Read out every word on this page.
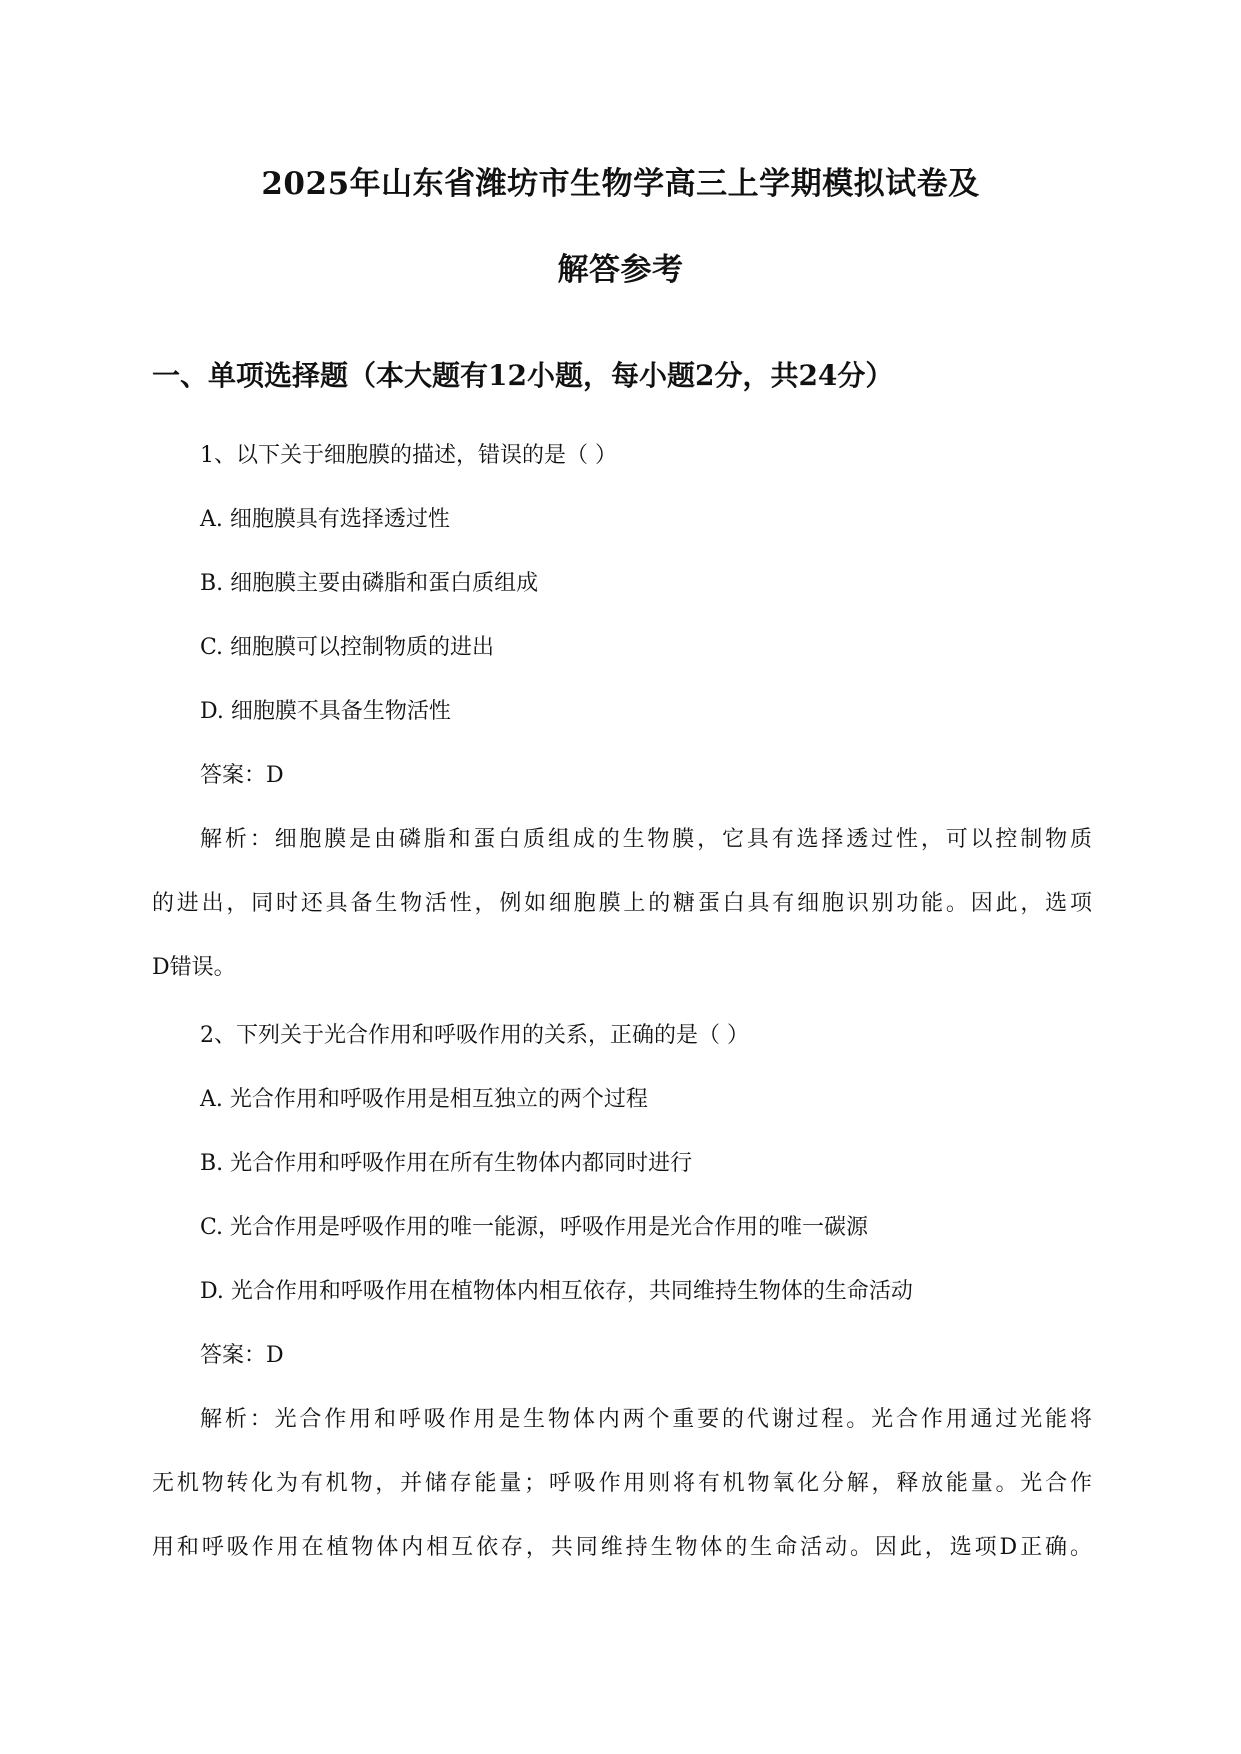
2025年山东省潍坊市生物学高三上学期模拟试卷及
解答参考
一、单项选择题（本大题有12小题，每小题2分，共24分）
1、以下关于细胞膜的描述，错误的是（ ）
A. 细胞膜具有选择透过性
B. 细胞膜主要由磷脂和蛋白质组成
C. 细胞膜可以控制物质的进出
D. 细胞膜不具备生物活性
答案：D
解析：细胞膜是由磷脂和蛋白质组成的生物膜，它具有选择透过性，可以控制物质
的进出，同时还具备生物活性，例如细胞膜上的糖蛋白具有细胞识别功能。因此，选项
D错误。
2、下列关于光合作用和呼吸作用的关系，正确的是（ ）
A. 光合作用和呼吸作用是相互独立的两个过程
B. 光合作用和呼吸作用在所有生物体内都同时进行
C. 光合作用是呼吸作用的唯一能源，呼吸作用是光合作用的唯一碳源
D. 光合作用和呼吸作用在植物体内相互依存，共同维持生物体的生命活动
答案：D
解析：光合作用和呼吸作用是生物体内两个重要的代谢过程。光合作用通过光能将
无机物转化为有机物，并储存能量；呼吸作用则将有机物氧化分解，释放能量。光合作
用和呼吸作用在植物体内相互依存，共同维持生物体的生命活动。因此，选项D正确。
